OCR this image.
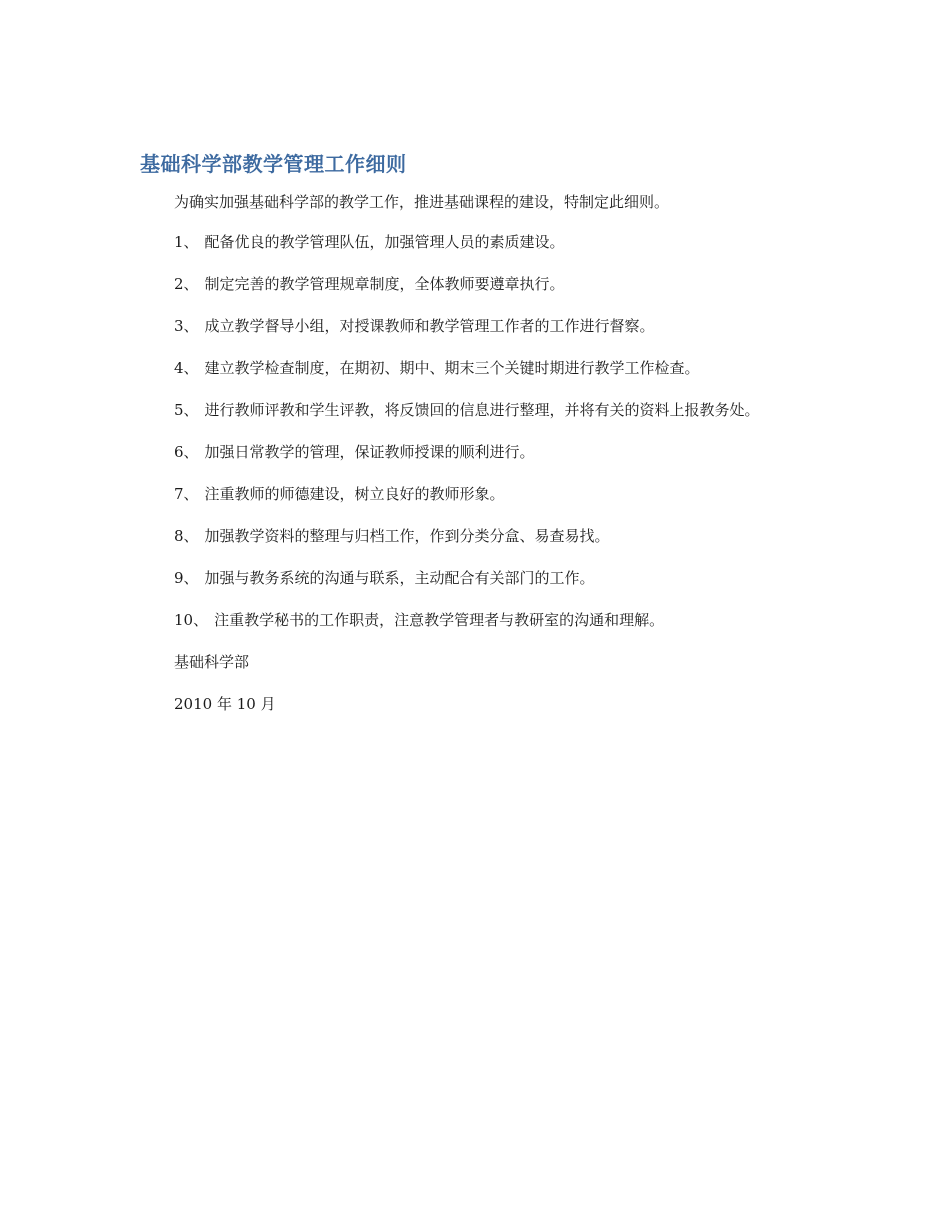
基础科学部教学管理工作细则

为确实加强基础科学部的教学工作，推进基础课程的建设，特制定此细则。

1、 配备优良的教学管理队伍，加强管理人员的素质建设。

2、 制定完善的教学管理规章制度，全体教师要遵章执行。

3、 成立教学督导小组，对授课教师和教学管理工作者的工作进行督察。

4、 建立教学检查制度，在期初、期中、期末三个关键时期进行教学工作检查。

5、 进行教师评教和学生评教，将反馈回的信息进行整理，并将有关的资料上报教务处。

6、 加强日常教学的管理，保证教师授课的顺利进行。

7、 注重教师的师德建设，树立良好的教师形象。

8、 加强教学资料的整理与归档工作，作到分类分盒、易查易找。

9、 加强与教务系统的沟通与联系，主动配合有关部门的工作。

10、 注重教学秘书的工作职责，注意教学管理者与教研室的沟通和理解。

基础科学部

2010 年 10 月
